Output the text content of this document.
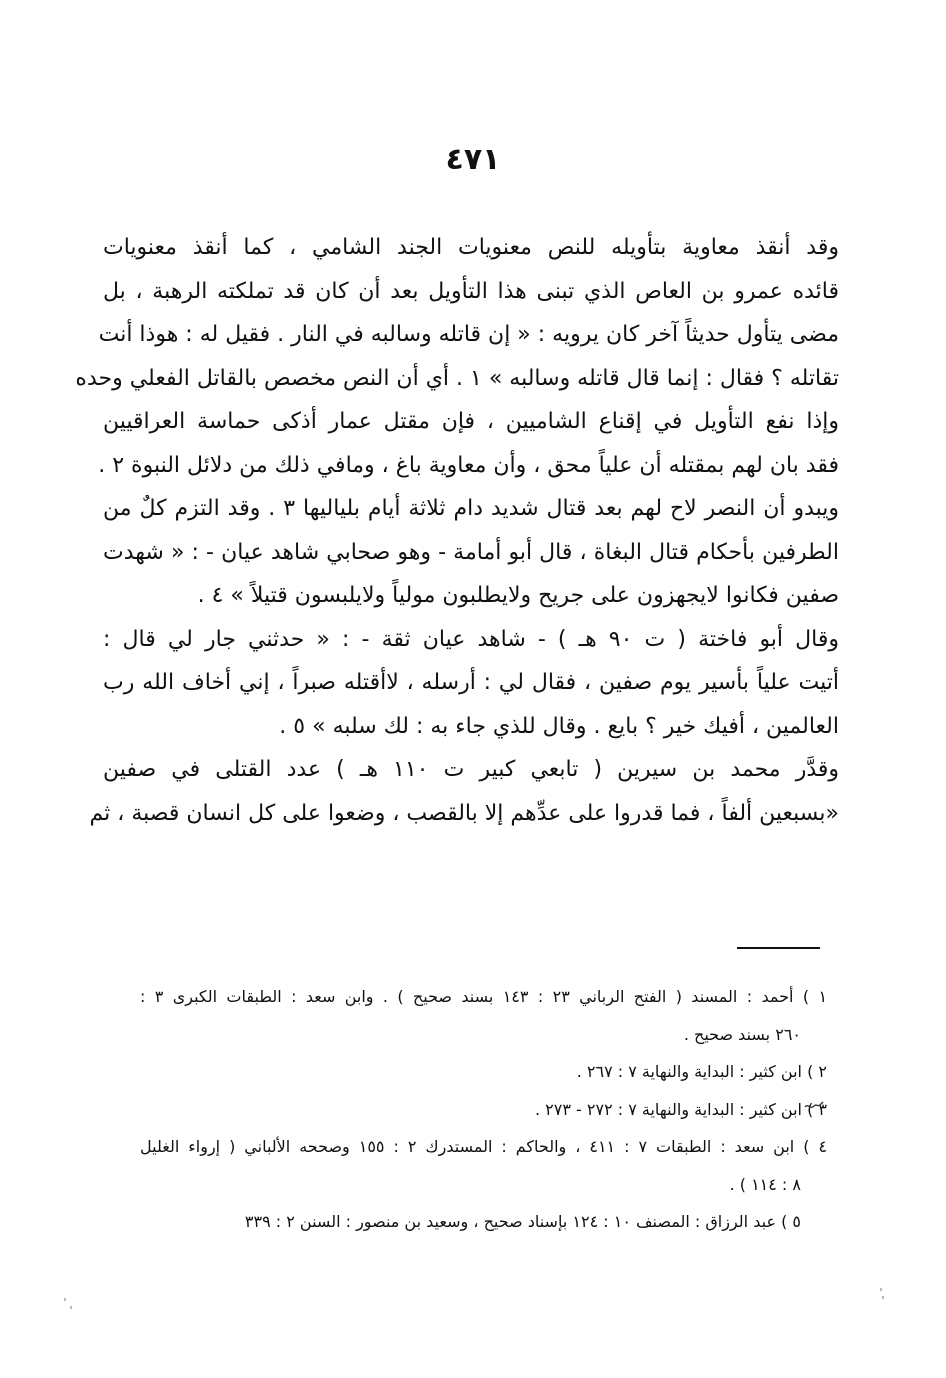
٤٧١
وقد أنقذ معاوية بتأويله للنص معنويات الجند الشامي ، كما أنقذ معنويات
قائده عمرو بن العاص الذي تبنى هذا التأويل بعد أن كان قد تملكته الرهبة ، بل
مضى يتأول حديثاً آخر كان يرويه : « إن قاتله وسالبه في النار . فقيل له : هوذا أنت
تقاتله ؟ فقال : إنما قال قاتله وسالبه » ١ . أي أن النص مخصص بالقاتل الفعلي وحده
وإذا نفع التأويل في إقناع الشاميين ، فإن مقتل عمار أذكى حماسة العراقيين
فقد بان لهم بمقتله أن علياً محق ، وأن معاوية باغ ، ومافي ذلك من دلائل النبوة ٢ .
ويبدو أن النصر لاح لهم بعد قتال شديد دام ثلاثة أيام بلياليها ٣ . وقد التزم كلٌ من
الطرفين بأحكام قتال البغاة ، قال أبو أمامة - وهو صحابي شاهد عيان - : « شهدت
صفين فكانوا لايجهزون على جريح ولايطلبون مولياً ولايلبسون قتيلاً » ٤ .
وقال أبو فاختة ( ت ٩٠ هـ ) - شاهد عيان ثقة - : « حدثني جار لي قال :
أتيت علياً بأسير يوم صفين ، فقال لي : أرسله ، لاأقتله صبراً ، إني أخاف الله رب
العالمين ، أفيك خير ؟ بايع . وقال للذي جاء به : لك سلبه » ٥ .
وقدَّر محمد بن سيرين ( تابعي كبير ت ١١٠ هـ ) عدد القتلى في صفين
«بسبعين ألفاً ، فما قدروا على عدِّهم إلا بالقصب ، وضعوا على كل انسان قصبة ، ثم
١ ) أحمد : المسند ( الفتح الرباني ٢٣ : ١٤٣ بسند صحيح ) . وابن سعد : الطبقات الكبرى ٣ :
٢٦٠ بسند صحيح .
٢ ) ابن كثير : البداية والنهاية ٧ : ٢٦٧ .
٣ ) ابن كثير : البداية والنهاية ٧ : ٢٧٢ - ٢٧٣ .
٤ ) ابن سعد : الطبقات ٧ : ٤١١ ، والحاكم : المستدرك ٢ : ١٥٥ وصححه الألباني ( إرواء الغليل
٨ : ١١٤ ) .
٥ ) عبد الرزاق : المصنف ١٠ : ١٢٤ بإسناد صحيح ، وسعيد بن منصور : السنن ٢ : ٣٣٩
